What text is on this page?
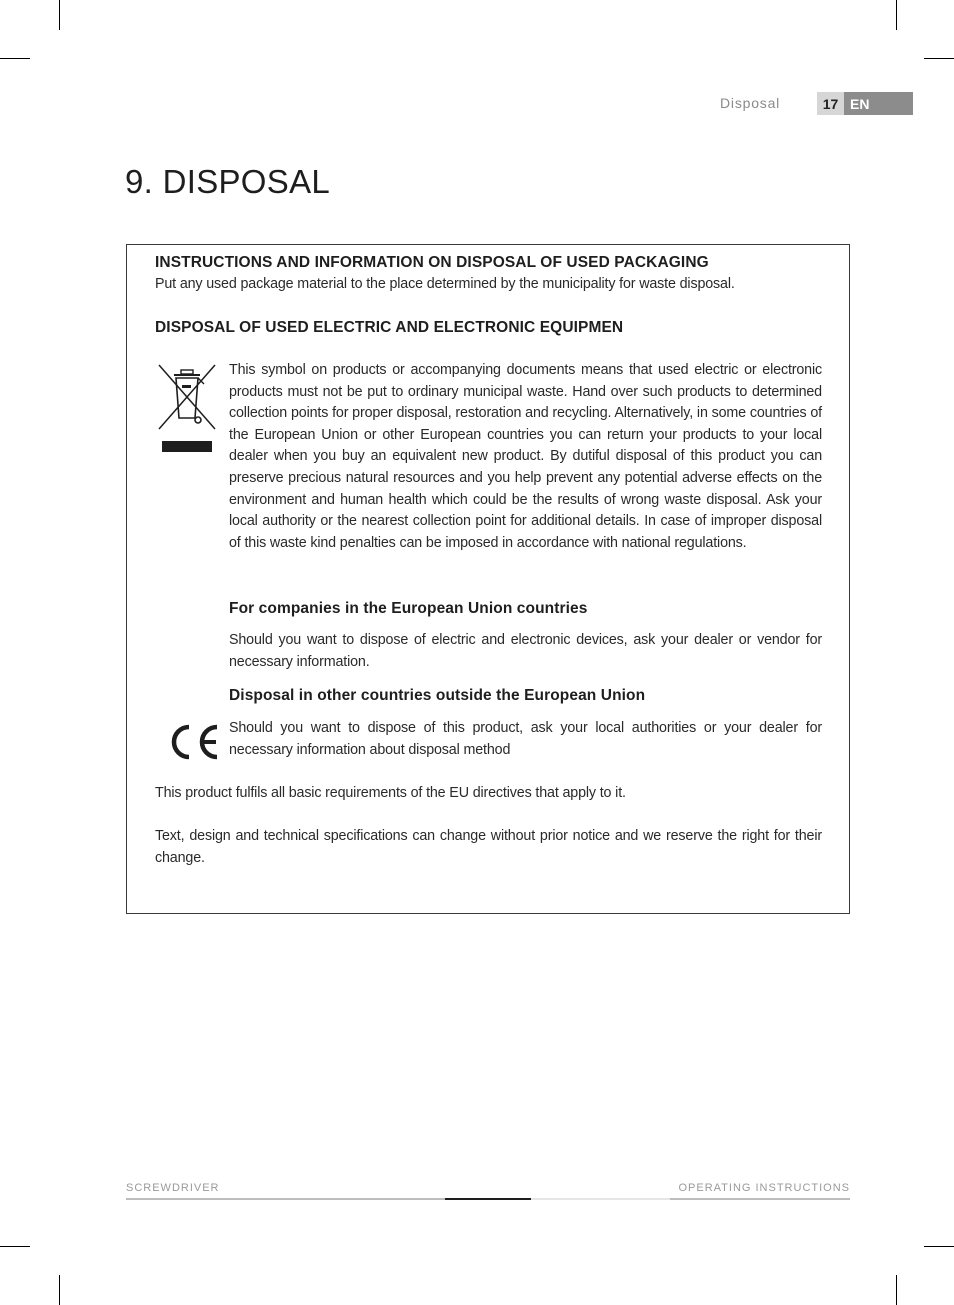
Disposal	17 EN
9. DISPOSAL
INSTRUCTIONS AND INFORMATION ON DISPOSAL OF USED PACKAGING
Put any used package material to the place determined by the municipality for waste disposal.
DISPOSAL OF USED ELECTRIC AND ELECTRONIC EQUIPMEN
This symbol on products or accompanying documents means that used electric or electronic products must not be put to ordinary municipal waste. Hand over such products to determined collection points for proper disposal, restoration and recycling. Alternatively, in some countries of the European Union or other European countries you can return your products to your local dealer when you buy an equivalent new product. By dutiful disposal of this product you can preserve precious natural resources and you help prevent any potential adverse effects on the environment and human health which could be the results of wrong waste disposal. Ask your local authority or the nearest collection point for additional details. In case of improper disposal of this waste kind penalties can be imposed in accordance with national regulations.
For companies in the European Union countries
Should you want to dispose of electric and electronic devices, ask your dealer or vendor for necessary information.
Disposal in other countries outside the European Union
Should you want to dispose of this product, ask your local authorities or your dealer for necessary information about disposal method
This product fulfils all basic requirements of the EU directives that apply to it.
Text, design and technical specifications can change without prior notice and we reserve the right for their change.
SCREWDRIVER	OPERATING INSTRUCTIONS
